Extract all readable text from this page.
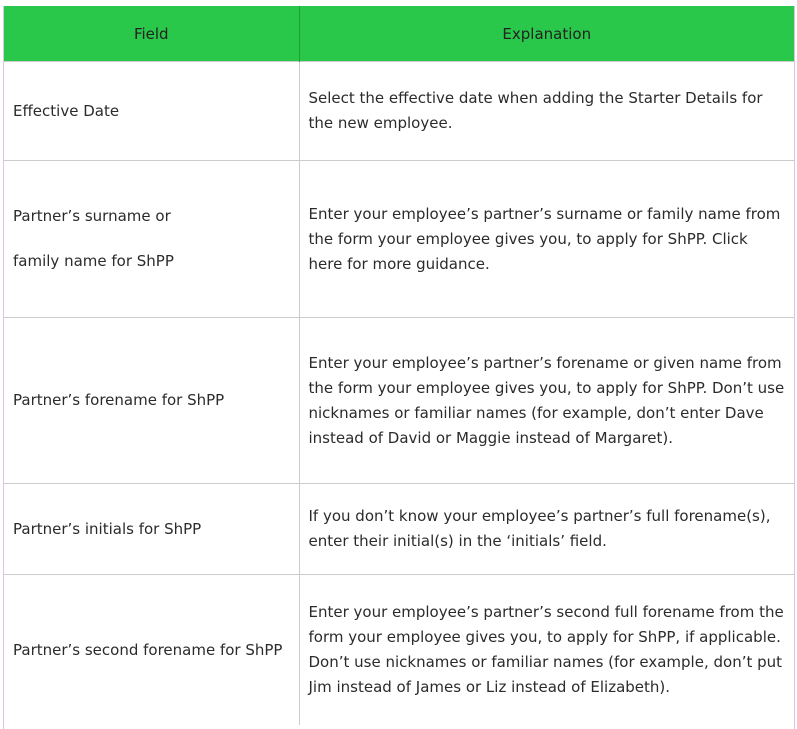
Field	Explanation
Effective Date	Select the effective date when adding the Starter Details for the new employee.

Partner’s surname or

family name for ShPP	Enter your employee’s partner’s surname or family name from the form your employee gives you, to apply for ShPP. Click here for more guidance.
Partner’s forename for ShPP	Enter your employee’s partner’s forename or given name from the form your employee gives you, to apply for ShPP. Don’t use nicknames or familiar names (for example, don’t enter Dave instead of David or Maggie instead of Margaret).
Partner’s initials for ShPP	If you don’t know your employee’s partner’s full forename(s), enter their initial(s) in the ‘initials’ field.
Partner’s second forename for ShPP	Enter your employee’s partner’s second full forename from the form your employee gives you, to apply for ShPP, if applicable. Don’t use nicknames or familiar names (for example, don’t put Jim instead of James or Liz instead of Elizabeth).
